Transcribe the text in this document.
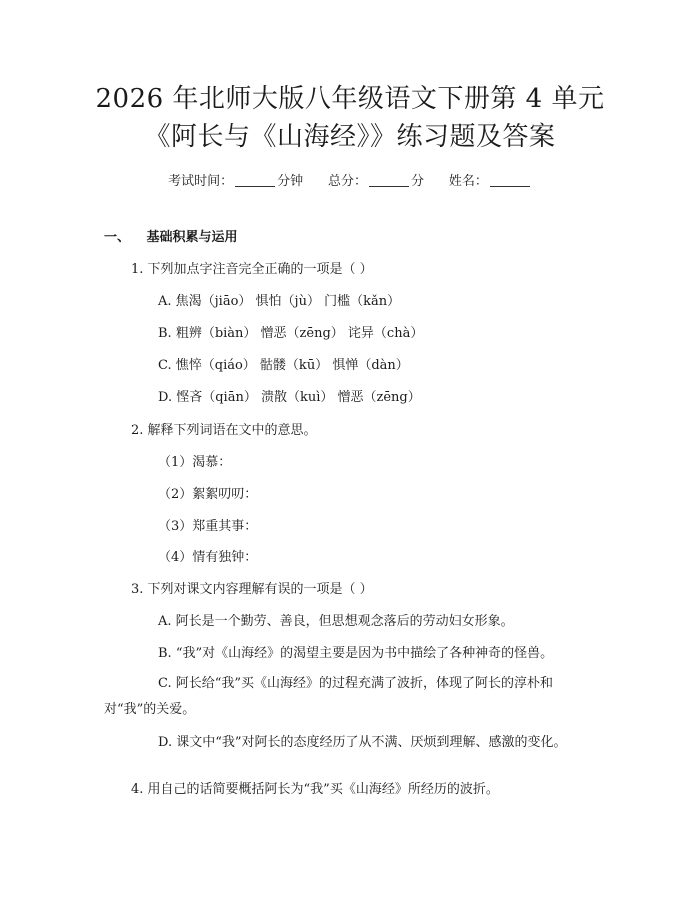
2026 年北师大版八年级语文下册第 4 单元
《阿长与《山海经》》练习题及答案
考试时间：	分钟 总分：	分 姓名：
一、 基础积累与运用
1. 下列加点字注音完全正确的一项是（ ）
A. 焦渴（jiāo） 惧怕（jù） 门槛（kǎn）
B. 粗辨（biàn） 憎恶（zēng） 诧异（chà）
C. 憔悴（qiáo） 骷髅（kū） 惧惮（dàn）
D. 悭吝（qiān） 溃散（kuì） 憎恶（zēng）
2. 解释下列词语在文中的意思。
（1）渴慕：
（2）絮絮叨叨：
（3）郑重其事：
（4）情有独钟：
3. 下列对课文内容理解有误的一项是（ ）
A. 阿长是一个勤劳、善良，但思想观念落后的劳动妇女形象。
B. “我”对《山海经》的渴望主要是因为书中描绘了各种神奇的怪兽。
C. 阿长给“我”买《山海经》的过程充满了波折，体现了阿长的淳朴和对“我”的关爱。
D. 课文中“我”对阿长的态度经历了从不满、厌烦到理解、感激的变化。
4. 用自己的话简要概括阿长为“我”买《山海经》所经历的波折。
